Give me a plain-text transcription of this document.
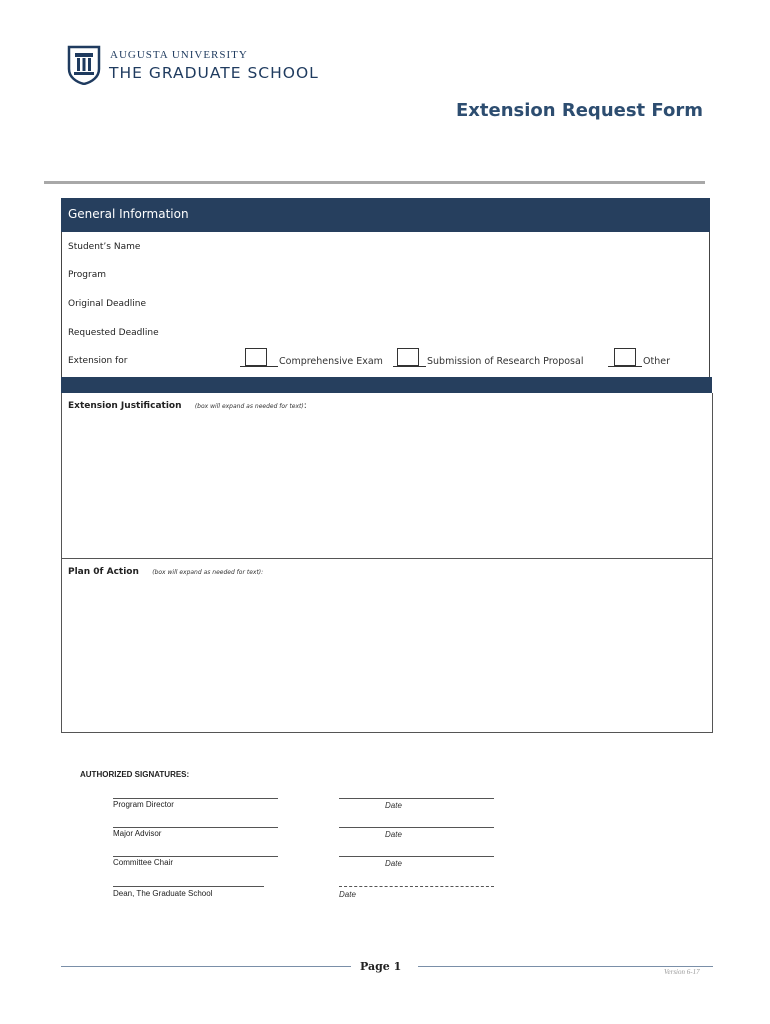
AUGUSTA UNIVERSITY
THE GRADUATE SCHOOL
Extension Request Form
General Information
Student’s Name
Program
Original Deadline
Requested Deadline
Extension for	Comprehensive Exam	Submission of Research Proposal	Other
Extension Justification (box will expand as needed for text):
Plan 0f Action (box will expand as needed for text):
AUTHORIZED SIGNATURES:
Program Director	Date
Major Advisor	Date
Committee Chair	Date
Dean, The Graduate School	Date
Page 1	Version 6-17
